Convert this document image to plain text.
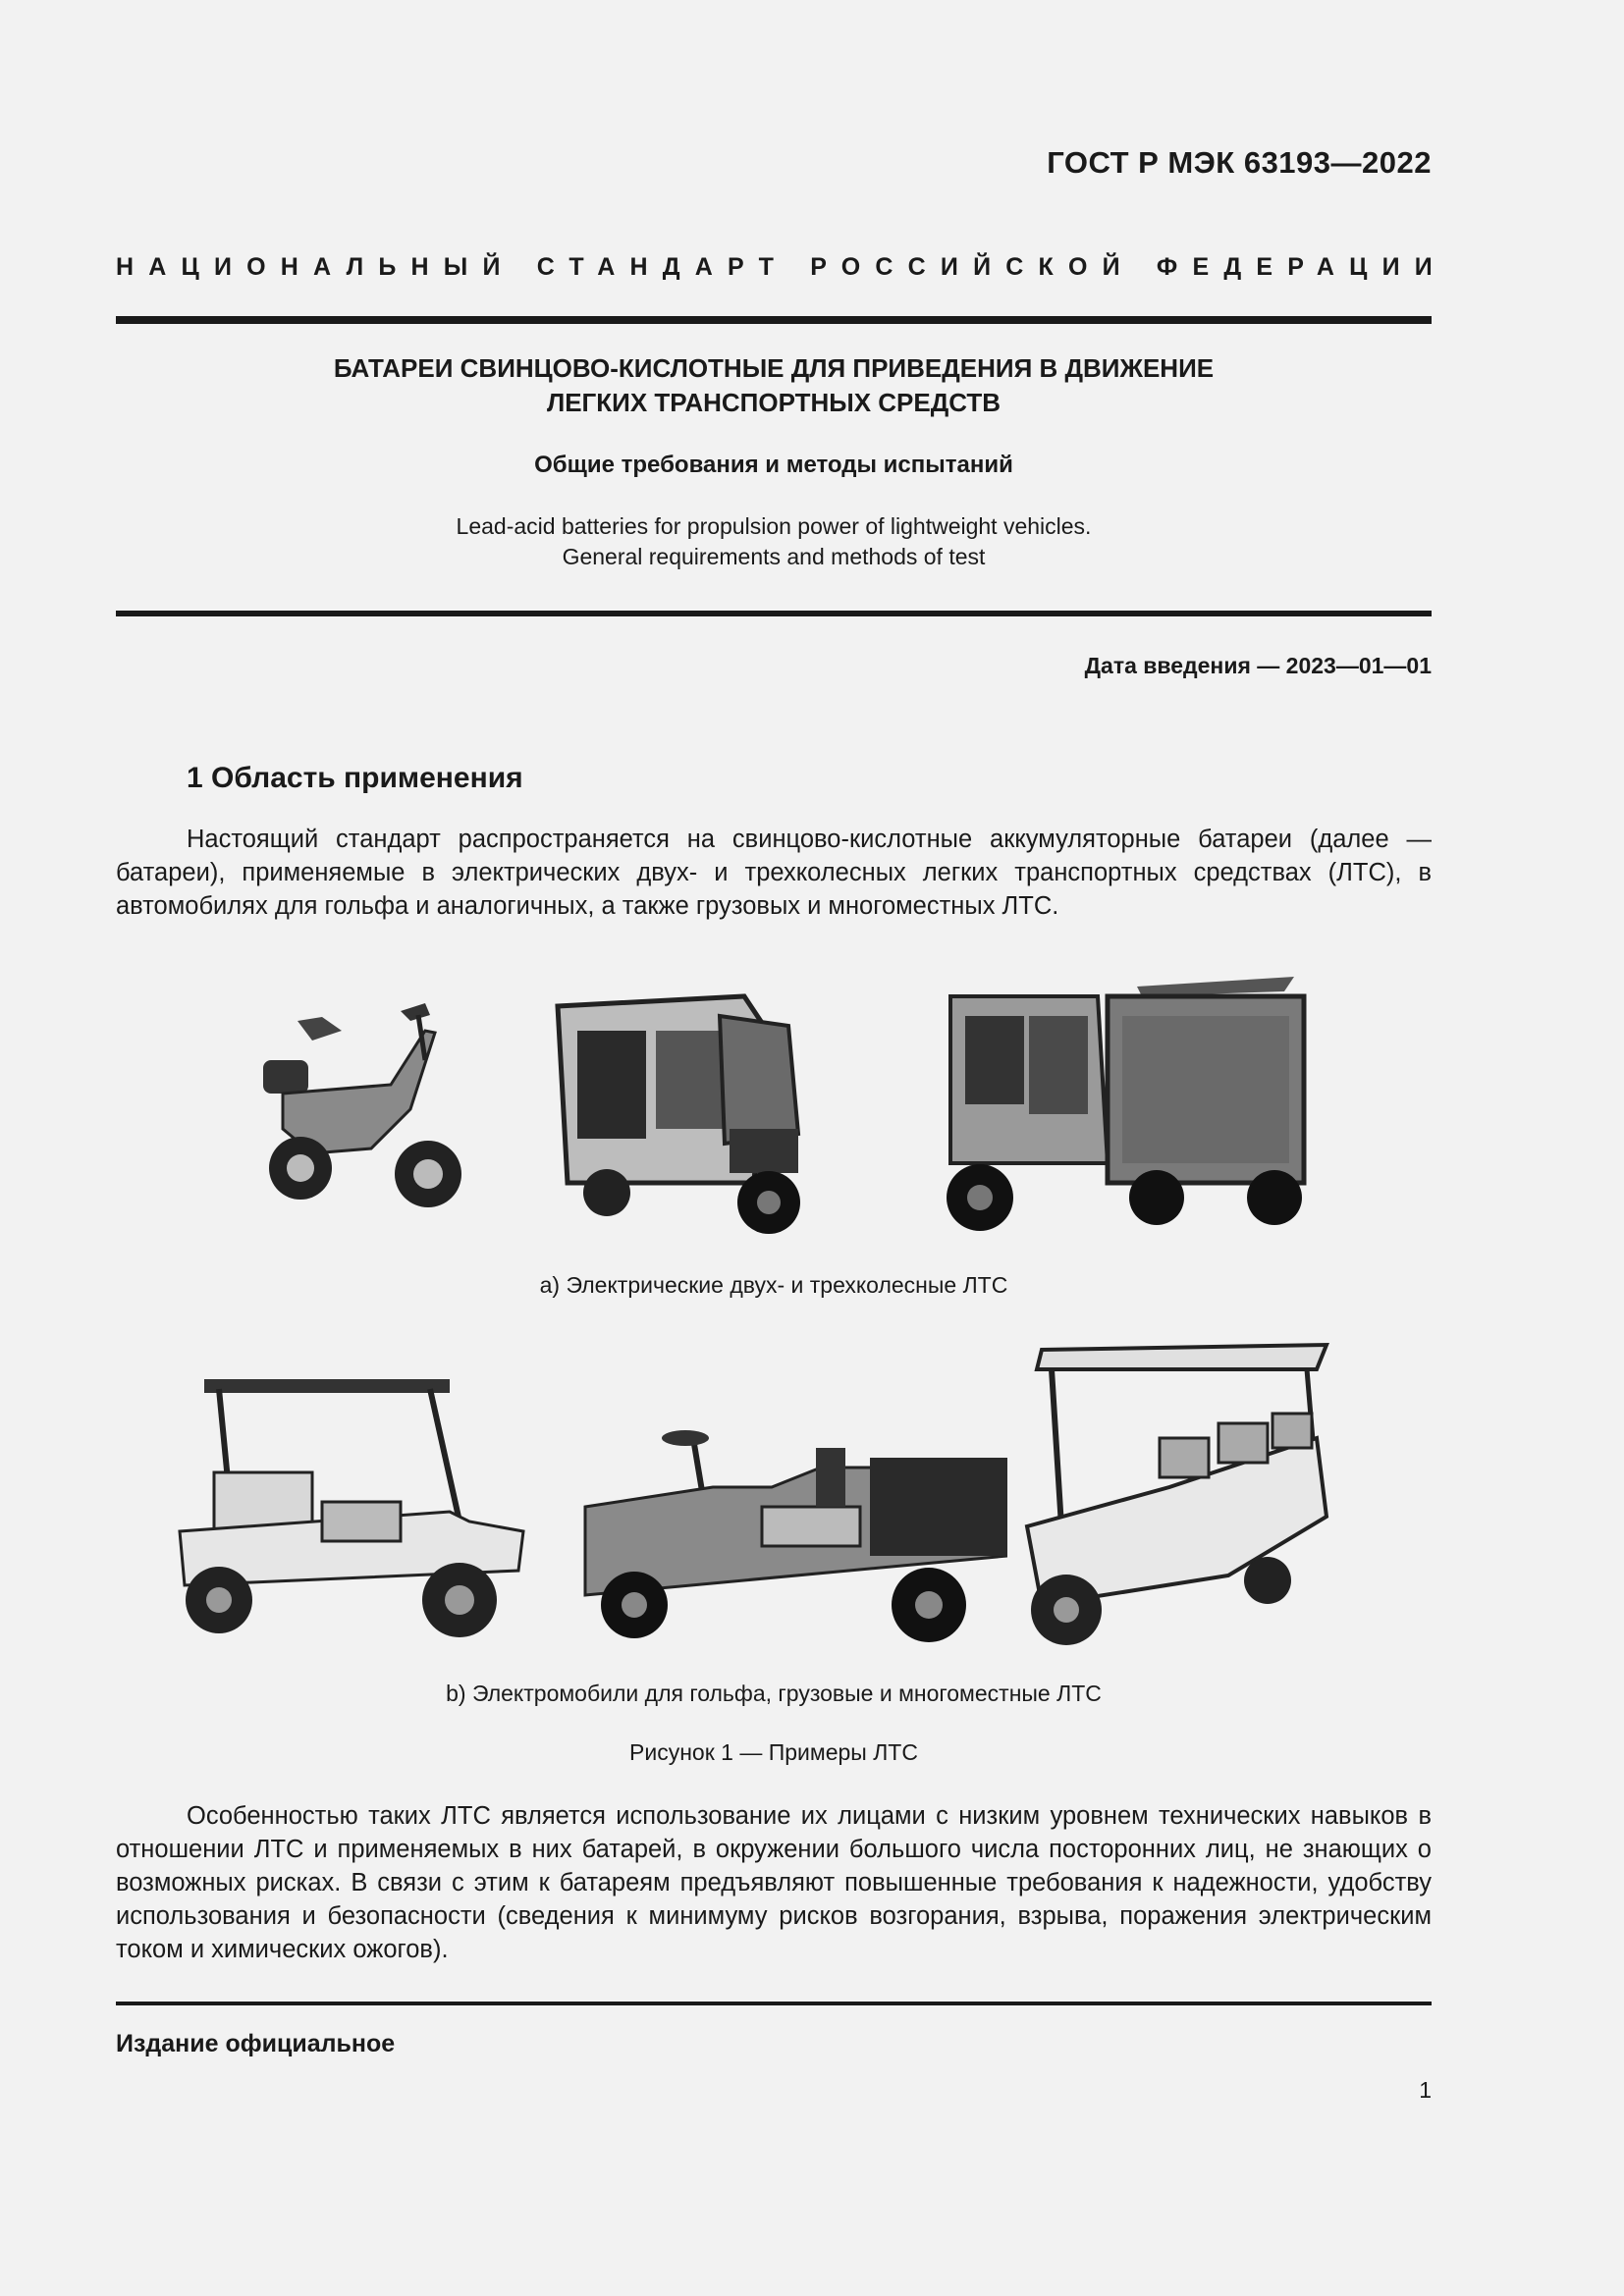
ГОСТ Р МЭК 63193—2022
НАЦИОНАЛЬНЫЙ СТАНДАРТ РОССИЙСКОЙ ФЕДЕРАЦИИ
БАТАРЕИ СВИНЦОВО-КИСЛОТНЫЕ ДЛЯ ПРИВЕДЕНИЯ В ДВИЖЕНИЕ
ЛЕГКИХ ТРАНСПОРТНЫХ СРЕДСТВ
Общие требования и методы испытаний
Lead-acid batteries for propulsion power of lightweight vehicles.
General requirements and methods of test
Дата введения — 2023—01—01
1 Область применения
Настоящий стандарт распространяется на свинцово-кислотные аккумуляторные батареи (далее — батареи), применяемые в электрических двух- и трехколесных легких транспортных средствах (ЛТС), в автомобилях для гольфа и аналогичных, а также грузовых и многоместных ЛТС.
а) Электрические двух- и трехколесные ЛТС
b) Электромобили для гольфа, грузовые и многоместные ЛТС
Рисунок 1 — Примеры ЛТС
Особенностью таких ЛТС является использование их лицами с низким уровнем технических навыков в отношении ЛТС и применяемых в них батарей, в окружении большого числа посторонних лиц, не знающих о возможных рисках. В связи с этим к батареям предъявляют повышенные требования к надежности, удобству использования и безопасности (сведения к минимуму рисков возгорания, взрыва, поражения электрическим током и химических ожогов).
Издание официальное
1
